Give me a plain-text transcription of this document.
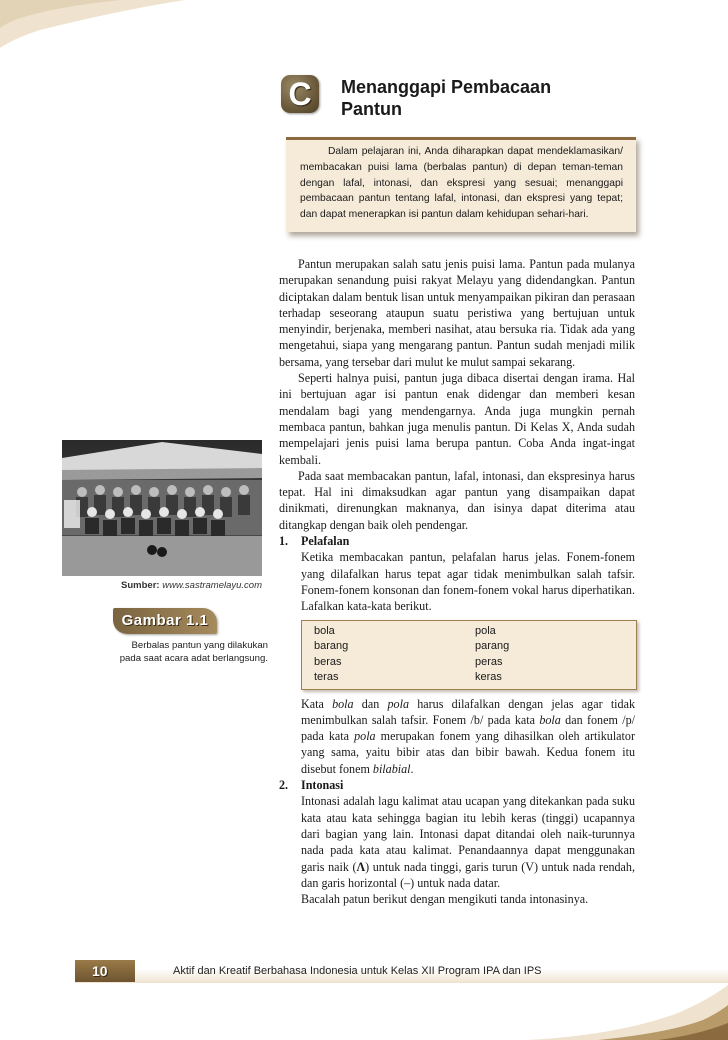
C	Menanggapi Pembacaan
Pantun

Dalam pelajaran ini, Anda diharapkan dapat mendeklamasikan/ membacakan puisi lama (berbalas pantun) di depan teman-teman dengan lafal, intonasi, dan ekspresi yang sesuai; menanggapi pembacaan pantun tentang lafal, intonasi, dan ekspresi yang tepat; dan dapat menerapkan isi pantun dalam kehidupan sehari-hari.

Pantun merupakan salah satu jenis puisi lama. Pantun pada mulanya merupakan senandung puisi rakyat Melayu yang didendangkan. Pantun diciptakan dalam bentuk lisan untuk menyampaikan pikiran dan perasaan terhadap seseorang ataupun suatu peristiwa yang bertujuan untuk menyindir, berjenaka, memberi nasihat, atau bersuka ria. Tidak ada yang mengetahui, siapa yang mengarang pantun. Pantun sudah menjadi milik bersama, yang tersebar dari mulut ke mulut sampai sekarang.

Seperti halnya puisi, pantun juga dibaca disertai dengan irama. Hal ini bertujuan agar isi pantun enak didengar dan memberi kesan mendalam bagi yang mendengarnya. Anda juga mungkin pernah membaca pantun, bahkan juga menulis pantun. Di Kelas X, Anda sudah mempelajari jenis puisi lama berupa pantun. Coba Anda ingat-ingat kembali.

Pada saat membacakan pantun, lafal, intonasi, dan ekspresinya harus tepat. Hal ini dimaksudkan agar pantun yang disampaikan dapat dinikmati, direnungkan maknanya, dan isinya dapat diterima atau ditangkap dengan baik oleh pendengar.

1. Pelafalan

Ketika membacakan pantun, pelafalan harus jelas. Fonem-fonem yang dilafalkan harus tepat agar tidak menimbulkan salah tafsir. Fonem-fonem konsonan dan fonem-fonem vokal harus diperhatikan. Lafalkan kata-kata berikut.

bola
barang
beras
teras
pola
parang
peras
keras

Kata bola dan pola harus dilafalkan dengan jelas agar tidak menimbulkan salah tafsir. Fonem /b/ pada kata bola dan fonem /p/ pada kata pola merupakan fonem yang dihasilkan oleh artikulator yang sama, yaitu bibir atas dan bibir bawah. Kedua fonem itu disebut fonem bilabial.

2. Intonasi

Intonasi adalah lagu kalimat atau ucapan yang ditekankan pada suku kata atau kata sehingga bagian itu lebih keras (tinggi) ucapannya dari bagian yang lain. Intonasi dapat ditandai oleh naik-turunnya nada pada kata atau kalimat. Penandaannya dapat menggunakan garis naik (Λ) untuk nada tinggi, garis turun (V) untuk nada rendah, dan garis horizontal (–) untuk nada datar.

Bacalah patun berikut dengan mengikuti tanda intonasinya.

Sumber: www.sastramelayu.com
Gambar 1.1
Berbalas pantun yang dilakukan
pada saat acara adat berlangsung.
10	Aktif dan Kreatif Berbahasa Indonesia untuk Kelas XII Program IPA dan IPS
